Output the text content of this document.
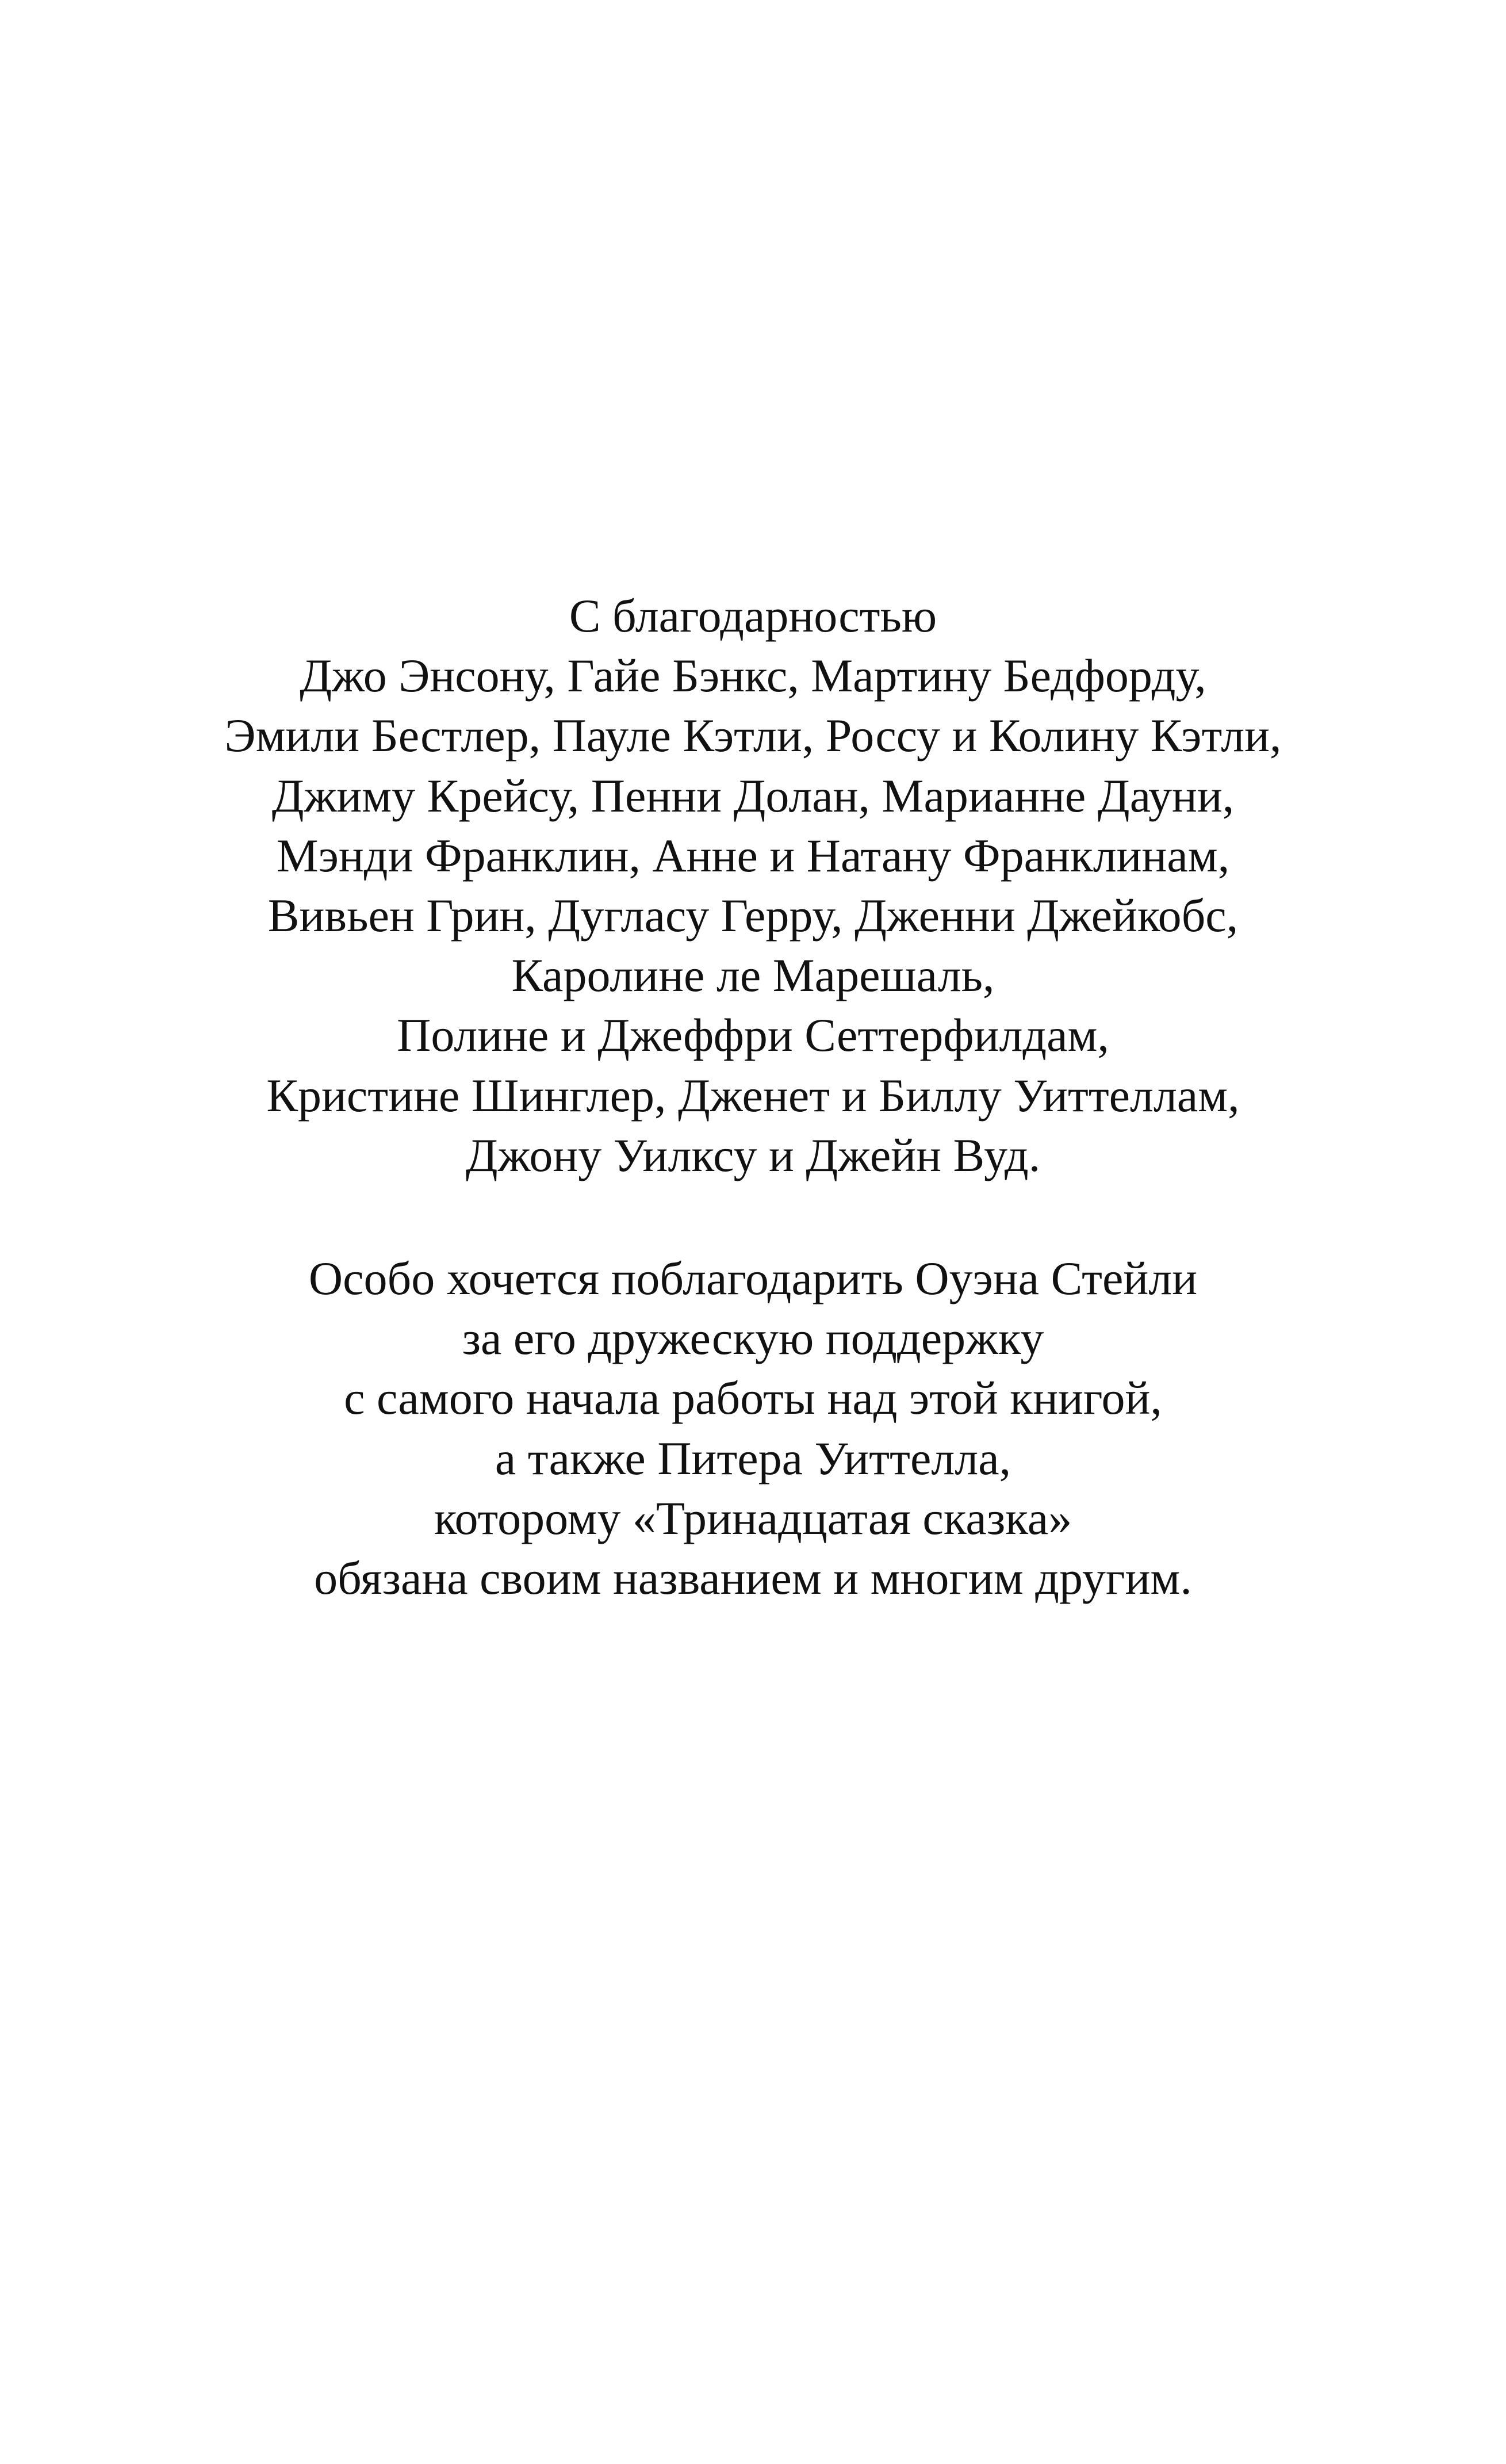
С благодарностью
Джо Энсону, Гайе Бэнкс, Мартину Бедфорду,
Эмили Бестлер, Пауле Кэтли, Россу и Колину Кэтли,
Джиму Крейсу, Пенни Долан, Марианне Дауни,
Мэнди Франклин, Анне и Натану Франклинам,
Вивьен Грин, Дугласу Герру, Дженни Джейкобс,
Каролине ле Марешаль,
Полине и Джеффри Сеттерфилдам,
Кристине Шинглер, Дженет и Биллу Уиттеллам,
Джону Уилксу и Джейн Вуд.
Особо хочется поблагодарить Оуэна Стейли
за его дружескую поддержку
с самого начала работы над этой книгой,
а также Питера Уиттелла,
которому «Тринадцатая сказка»
обязана своим названием и многим другим.
